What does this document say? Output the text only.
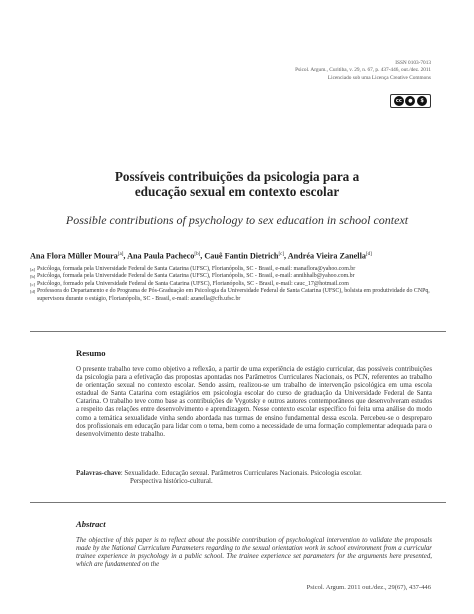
ISSN 0103-7013
Psicol. Argum., Curitiba, v. 29, n. 67, p. 437-446, out./dez. 2011
Licenciado sob uma Licença Creative Commons
cc	●	$
Possíveis contribuições da psicologia para a
educação sexual em contexto escolar
Possible contributions of psychology to sex education in school context
Ana Flora Müller Moura[a], Ana Paula Pacheco[b], Cauê Fantin Dietrich[c], Andréa Vieira Zanella[d]
[a] Psicóloga, formada pela Universidade Federal de Santa Catarina (UFSC), Florianópolis, SC - Brasil, e-mail: manaflora@yahoo.com.br
[b] Psicóloga, formada pela Universidade Federal de Santa Catarina (UFSC), Florianópolis, SC - Brasil, e-mail: annihhalb@yahoo.com.br
[c] Psicólogo, formado pela Universidade Federal de Santa Catarina (UFSC), Florianópolis, SC - Brasil, e-mail: cauc_17@hotmail.com
[d] Professora do Departamento e do Programa de Pós-Graduação em Psicologia da Universidade Federal de Santa Catarina (UFSC), bolsista em produtividade do CNPq, supervisora durante o estágio, Florianópolis, SC - Brasil, e-mail: azanella@cfh.ufsc.br
Resumo
O presente trabalho teve como objetivo a reflexão, a partir de uma experiência de estágio curricular, das possíveis contribuições da psicologia para a efetivação das propostas apontadas nos Parâmetros Curriculares Nacionais, os PCN, referentes ao trabalho de orientação sexual no contexto escolar. Sendo assim, realizou-se um trabalho de intervenção psicológica em uma escola estadual de Santa Catarina com estagiários em psicologia escolar do curso de graduação da Universidade Federal de Santa Catarina. O trabalho teve como base as contribuições de Vygotsky e outros autores contemporâneos que desenvolveram estudos a respeito das relações entre desenvolvimento e aprendizagem. Nesse contexto escolar específico foi feita uma análise do modo como a temática sexualidade vinha sendo abordada nas turmas de ensino fundamental dessa escola. Percebeu-se o despreparo dos profissionais em educação para lidar com o tema, bem como a necessidade de uma formação complementar adequada para o desenvolvimento deste trabalho.
Palavras-chave: Sexualidade. Educação sexual. Parâmetros Curriculares Nacionais. Psicologia escolar.
Perspectiva histórico-cultural.
Abstract
The objective of this paper is to reflect about the possible contribution of psychological intervention to validate the proposals made by the National Curriculum Parameters regarding to the sexual orientation work in school environment from a curricular trainee experience in psychology in a public school. The trainee experience set parameters for the arguments here presented, which are fundamented on the
Psicol. Argum. 2011 out./dez., 29(67), 437-446
